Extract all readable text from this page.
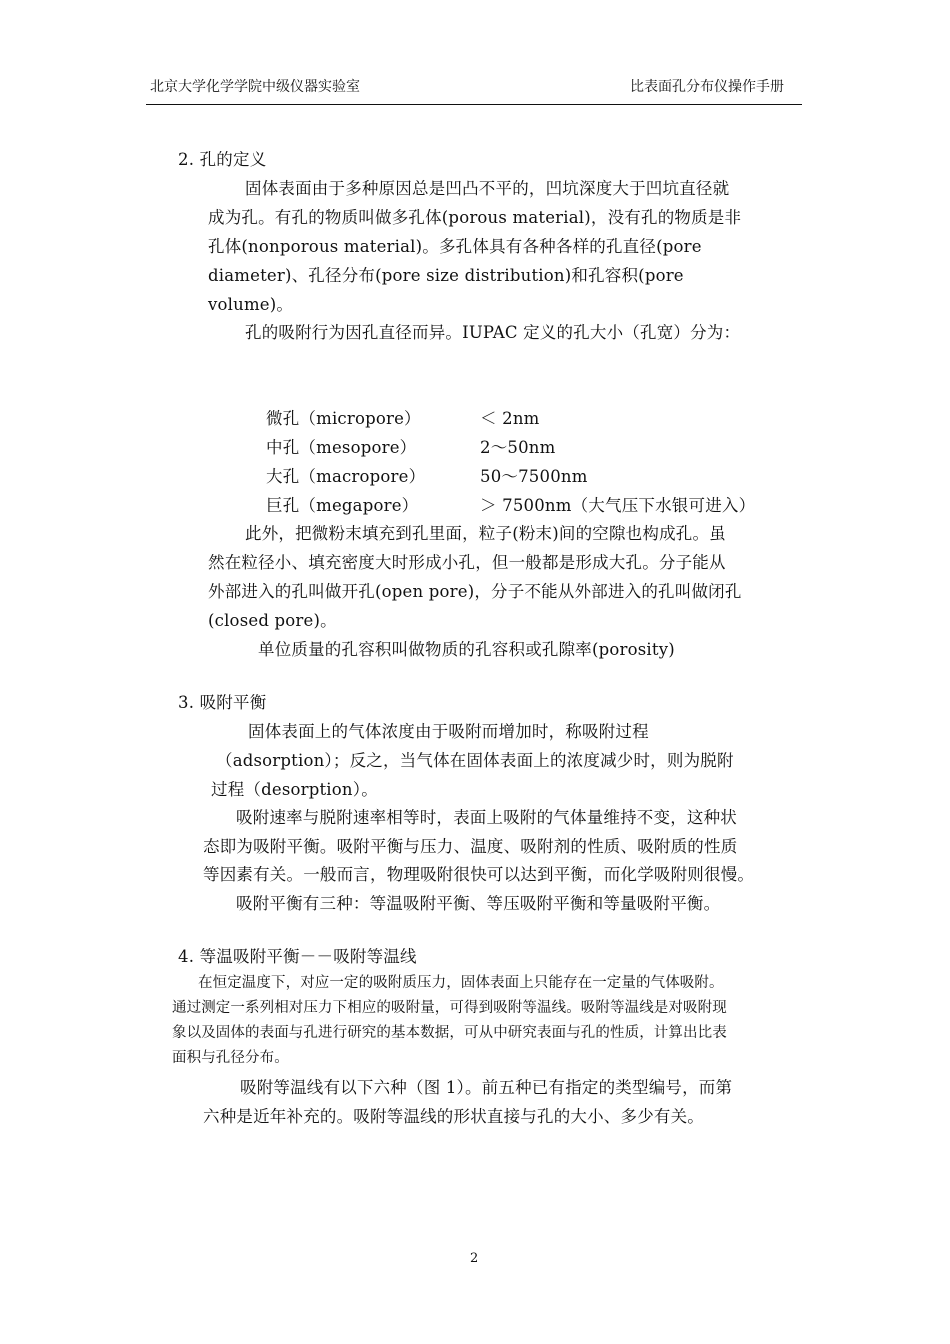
北京大学化学学院中级仪器实验室	比表面孔分布仪操作手册
2. 孔的定义
固体表面由于多种原因总是凹凸不平的，凹坑深度大于凹坑直径就
成为孔。有孔的物质叫做多孔体(porous material)，没有孔的物质是非
孔体(nonporous material)。多孔体具有各种各样的孔直径(pore
diameter)、孔径分布(pore size distribution)和孔容积(pore
volume)。
孔的吸附行为因孔直径而异。IUPAC 定义的孔大小（孔宽）分为：
微孔（micropore）	＜ 2nm
中孔（mesopore）	2～50nm
大孔（macropore）	50～7500nm
巨孔（megapore）	＞ 7500nm（大气压下水银可进入）
此外，把微粉末填充到孔里面，粒子(粉末)间的空隙也构成孔。虽
然在粒径小、填充密度大时形成小孔，但一般都是形成大孔。分子能从
外部进入的孔叫做开孔(open pore)，分子不能从外部进入的孔叫做闭孔
(closed pore)。
单位质量的孔容积叫做物质的孔容积或孔隙率(porosity)
3. 吸附平衡
固体表面上的气体浓度由于吸附而增加时，称吸附过程
（adsorption）；反之，当气体在固体表面上的浓度减少时，则为脱附
过程（desorption）。
吸附速率与脱附速率相等时，表面上吸附的气体量维持不变，这种状
态即为吸附平衡。吸附平衡与压力、温度、吸附剂的性质、吸附质的性质
等因素有关。一般而言，物理吸附很快可以达到平衡，而化学吸附则很慢。
吸附平衡有三种：等温吸附平衡、等压吸附平衡和等量吸附平衡。
4. 等温吸附平衡－－吸附等温线
在恒定温度下，对应一定的吸附质压力，固体表面上只能存在一定量的气体吸附。
通过测定一系列相对压力下相应的吸附量，可得到吸附等温线。吸附等温线是对吸附现
象以及固体的表面与孔进行研究的基本数据，可从中研究表面与孔的性质，计算出比表
面积与孔径分布。
吸附等温线有以下六种（图 1）。前五种已有指定的类型编号，而第
六种是近年补充的。吸附等温线的形状直接与孔的大小、多少有关。
2
